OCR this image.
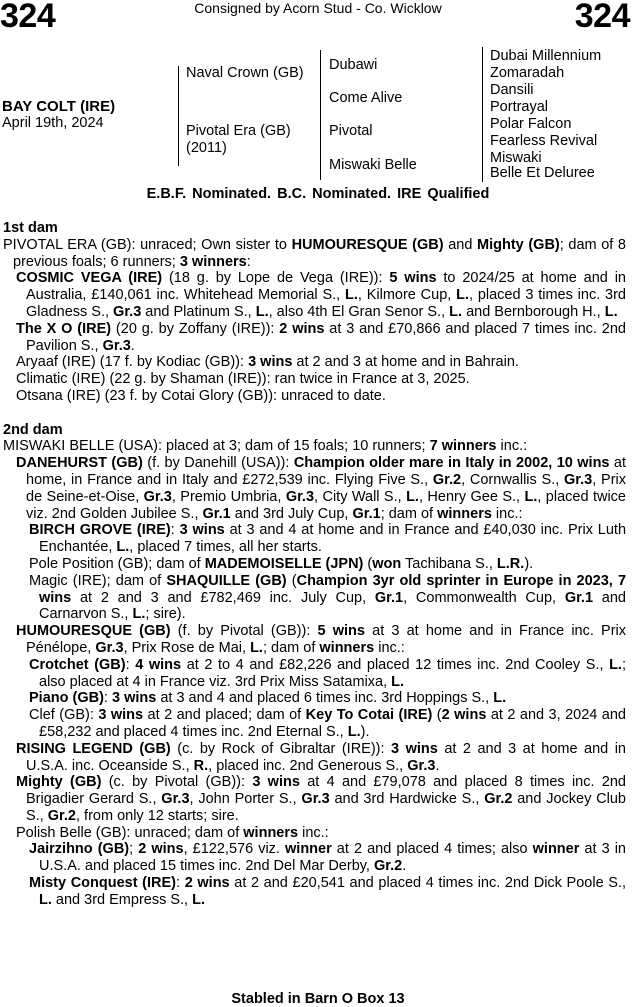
324	Consigned by Acorn Stud - Co. Wicklow	324
BAY COLT (IRE)
April 19th, 2024
Naval Crown (GB)
Pivotal Era (GB) (2011)
Dubawi
Come Alive
Pivotal
Miswaki Belle
Dubai Millennium
Zomaradah
Dansili
Portrayal
Polar Falcon
Fearless Revival
Miswaki
Belle Et Deluree
E.B.F. Nominated. B.C. Nominated. IRE Qualified
1st dam
PIVOTAL ERA (GB): unraced; Own sister to HUMOURESQUE (GB) and Mighty (GB); dam of 8 previous foals; 6 runners; 3 winners:
COSMIC VEGA (IRE) (18 g. by Lope de Vega (IRE)): 5 wins to 2024/25 at home and in Australia, £140,061 inc. Whitehead Memorial S., L., Kilmore Cup, L., placed 3 times inc. 3rd Gladness S., Gr.3 and Platinum S., L., also 4th El Gran Senor S., L. and Bernborough H., L.
The X O (IRE) (20 g. by Zoffany (IRE)): 2 wins at 3 and £70,866 and placed 7 times inc. 2nd Pavilion S., Gr.3.
Aryaaf (IRE) (17 f. by Kodiac (GB)): 3 wins at 2 and 3 at home and in Bahrain.
Climatic (IRE) (22 g. by Shaman (IRE)): ran twice in France at 3, 2025.
Otsana (IRE) (23 f. by Cotai Glory (GB)): unraced to date.
2nd dam
MISWAKI BELLE (USA): placed at 3; dam of 15 foals; 10 runners; 7 winners inc.:
DANEHURST (GB) (f. by Danehill (USA)): Champion older mare in Italy in 2002, 10 wins at home, in France and in Italy and £272,539 inc. Flying Five S., Gr.2, Cornwallis S., Gr.3, Prix de Seine-et-Oise, Gr.3, Premio Umbria, Gr.3, City Wall S., L., Henry Gee S., L., placed twice viz. 2nd Golden Jubilee S., Gr.1 and 3rd July Cup, Gr.1; dam of winners inc.:
BIRCH GROVE (IRE): 3 wins at 3 and 4 at home and in France and £40,030 inc. Prix Luth Enchantée, L., placed 7 times, all her starts.
Pole Position (GB); dam of MADEMOISELLE (JPN) (won Tachibana S., L.R.).
Magic (IRE); dam of SHAQUILLE (GB) (Champion 3yr old sprinter in Europe in 2023, 7 wins at 2 and 3 and £782,469 inc. July Cup, Gr.1, Commonwealth Cup, Gr.1 and Carnarvon S., L.; sire).
HUMOURESQUE (GB) (f. by Pivotal (GB)): 5 wins at 3 at home and in France inc. Prix Pénélope, Gr.3, Prix Rose de Mai, L.; dam of winners inc.:
Crotchet (GB): 4 wins at 2 to 4 and £82,226 and placed 12 times inc. 2nd Cooley S., L.; also placed at 4 in France viz. 3rd Prix Miss Satamixa, L.
Piano (GB): 3 wins at 3 and 4 and placed 6 times inc. 3rd Hoppings S., L.
Clef (GB): 3 wins at 2 and placed; dam of Key To Cotai (IRE) (2 wins at 2 and 3, 2024 and £58,232 and placed 4 times inc. 2nd Eternal S., L.).
RISING LEGEND (GB) (c. by Rock of Gibraltar (IRE)): 3 wins at 2 and 3 at home and in U.S.A. inc. Oceanside S., R., placed inc. 2nd Generous S., Gr.3.
Mighty (GB) (c. by Pivotal (GB)): 3 wins at 4 and £79,078 and placed 8 times inc. 2nd Brigadier Gerard S., Gr.3, John Porter S., Gr.3 and 3rd Hardwicke S., Gr.2 and Jockey Club S., Gr.2, from only 12 starts; sire.
Polish Belle (GB): unraced; dam of winners inc.:
Jairzihno (GB); 2 wins, £122,576 viz. winner at 2 and placed 4 times; also winner at 3 in U.S.A. and placed 15 times inc. 2nd Del Mar Derby, Gr.2.
Misty Conquest (IRE): 2 wins at 2 and £20,541 and placed 4 times inc. 2nd Dick Poole S., L. and 3rd Empress S., L.
Stabled in Barn O Box 13
